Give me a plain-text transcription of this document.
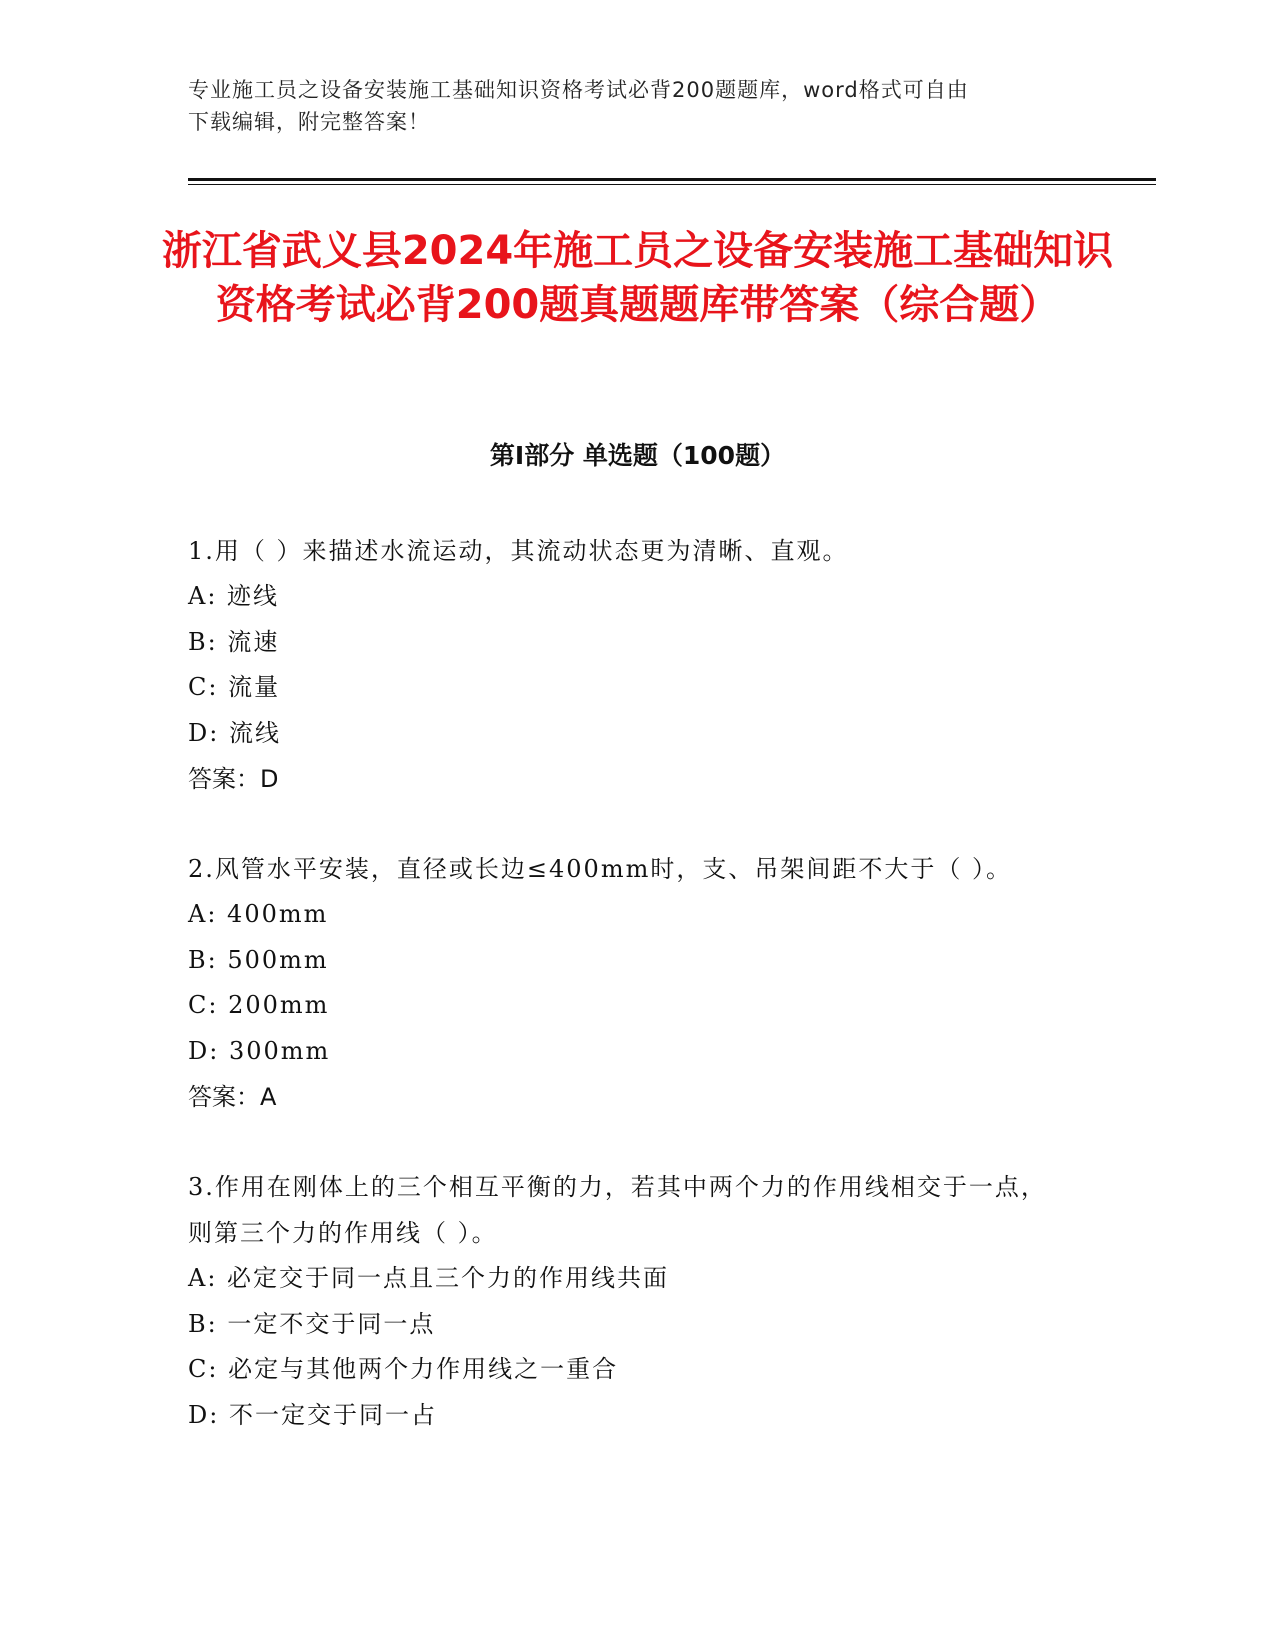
专业施工员之设备安装施工基础知识资格考试必背200题题库，word格式可自由
下载编辑，附完整答案！
浙江省武义县2024年施工员之设备安装施工基础知识资格考试必背200题真题题库带答案（综合题）
第I部分 单选题（100题）
1.用（ ）来描述水流运动，其流动状态更为清晰、直观。
A: 迹线
B: 流速
C: 流量
D: 流线
答案：D
2.风管水平安装，直径或长边≤400mm时，支、吊架间距不大于（ ）。
A: 400mm
B: 500mm
C: 200mm
D: 300mm
答案：A
3.作用在刚体上的三个相互平衡的力，若其中两个力的作用线相交于一点，则第三个力的作用线（ ）。
A: 必定交于同一点且三个力的作用线共面
B: 一定不交于同一点
C: 必定与其他两个力作用线之一重合
D: 不一定交于同一占
